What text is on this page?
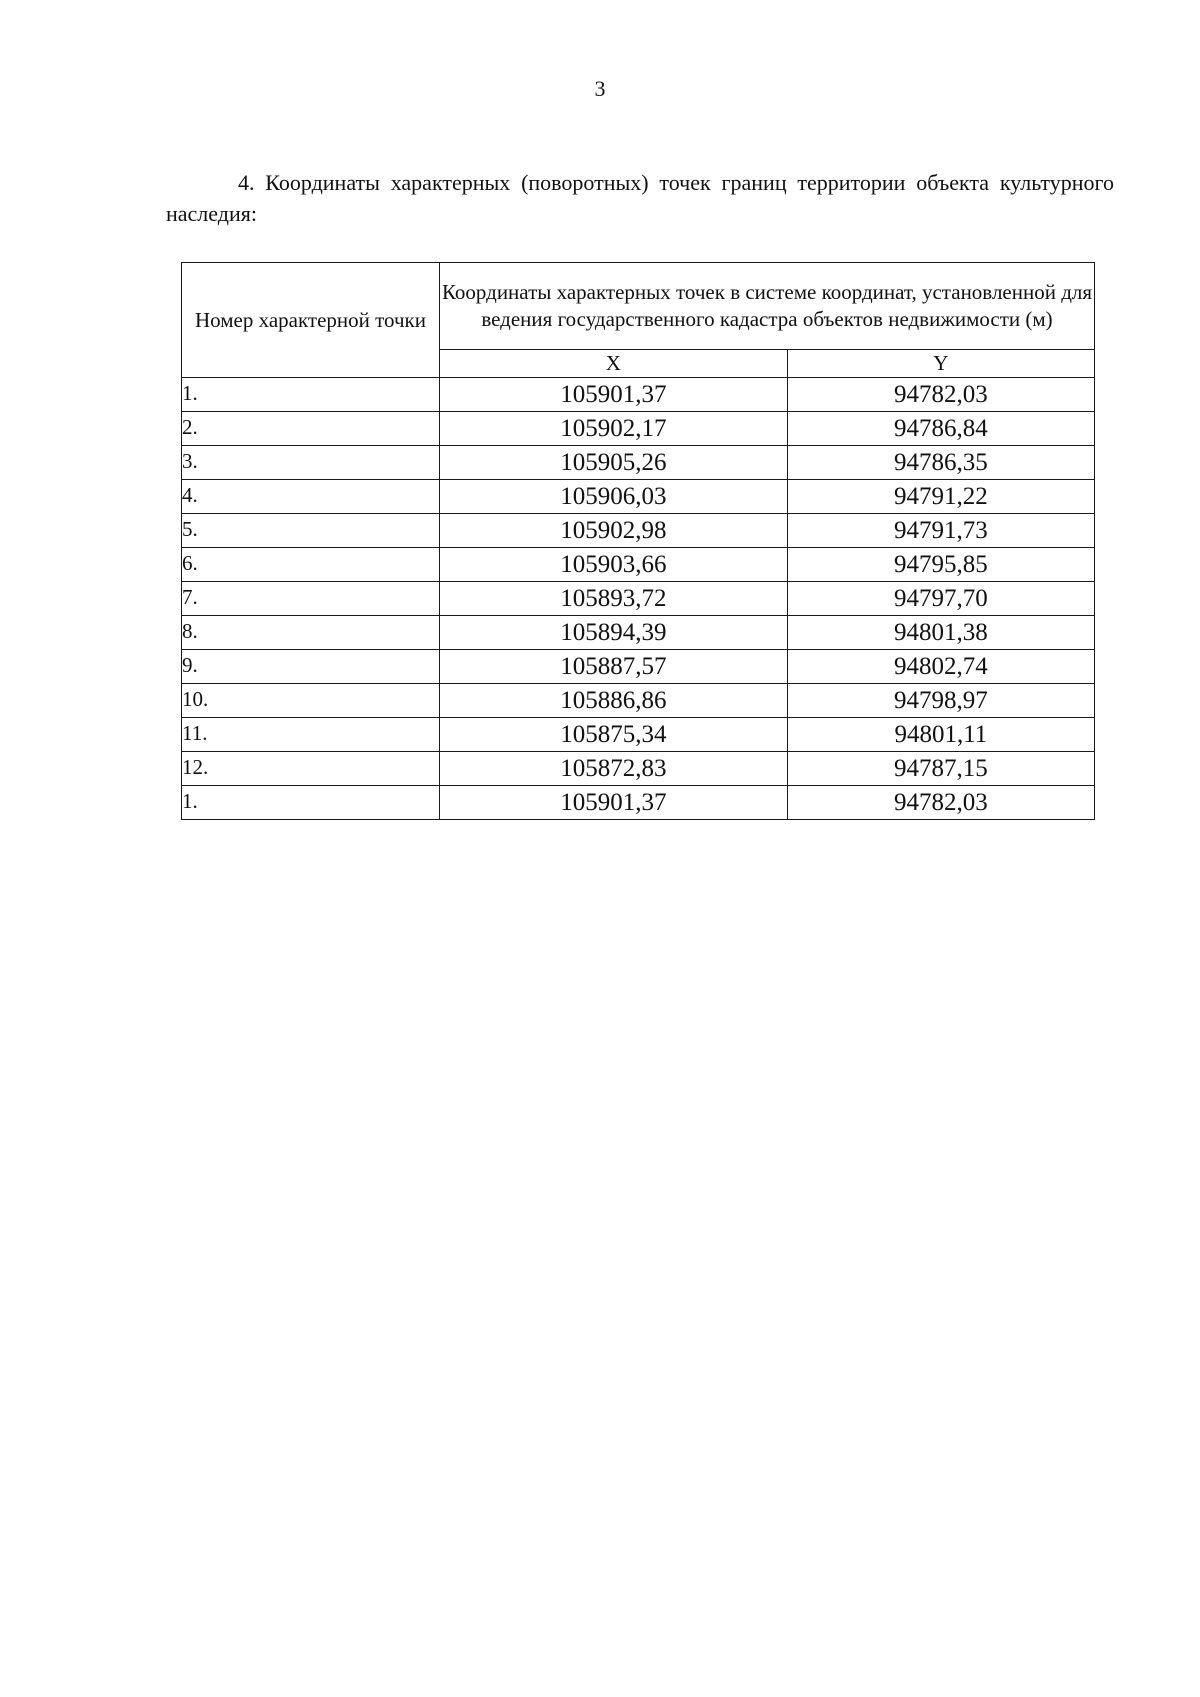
3
4. Координаты характерных (поворотных) точек границ территории объекта культурного наследия:
Номер характерной точки	Координаты характерных точек в системе координат, установленной для ведения государственного кадастра объектов недвижимости (м)	
	X	Y
1.	105901,37	94782,03
2.	105902,17	94786,84
3.	105905,26	94786,35
4.	105906,03	94791,22
5.	105902,98	94791,73
6.	105903,66	94795,85
7.	105893,72	94797,70
8.	105894,39	94801,38
9.	105887,57	94802,74
10.	105886,86	94798,97
11.	105875,34	94801,11
12.	105872,83	94787,15
1.	105901,37	94782,03
